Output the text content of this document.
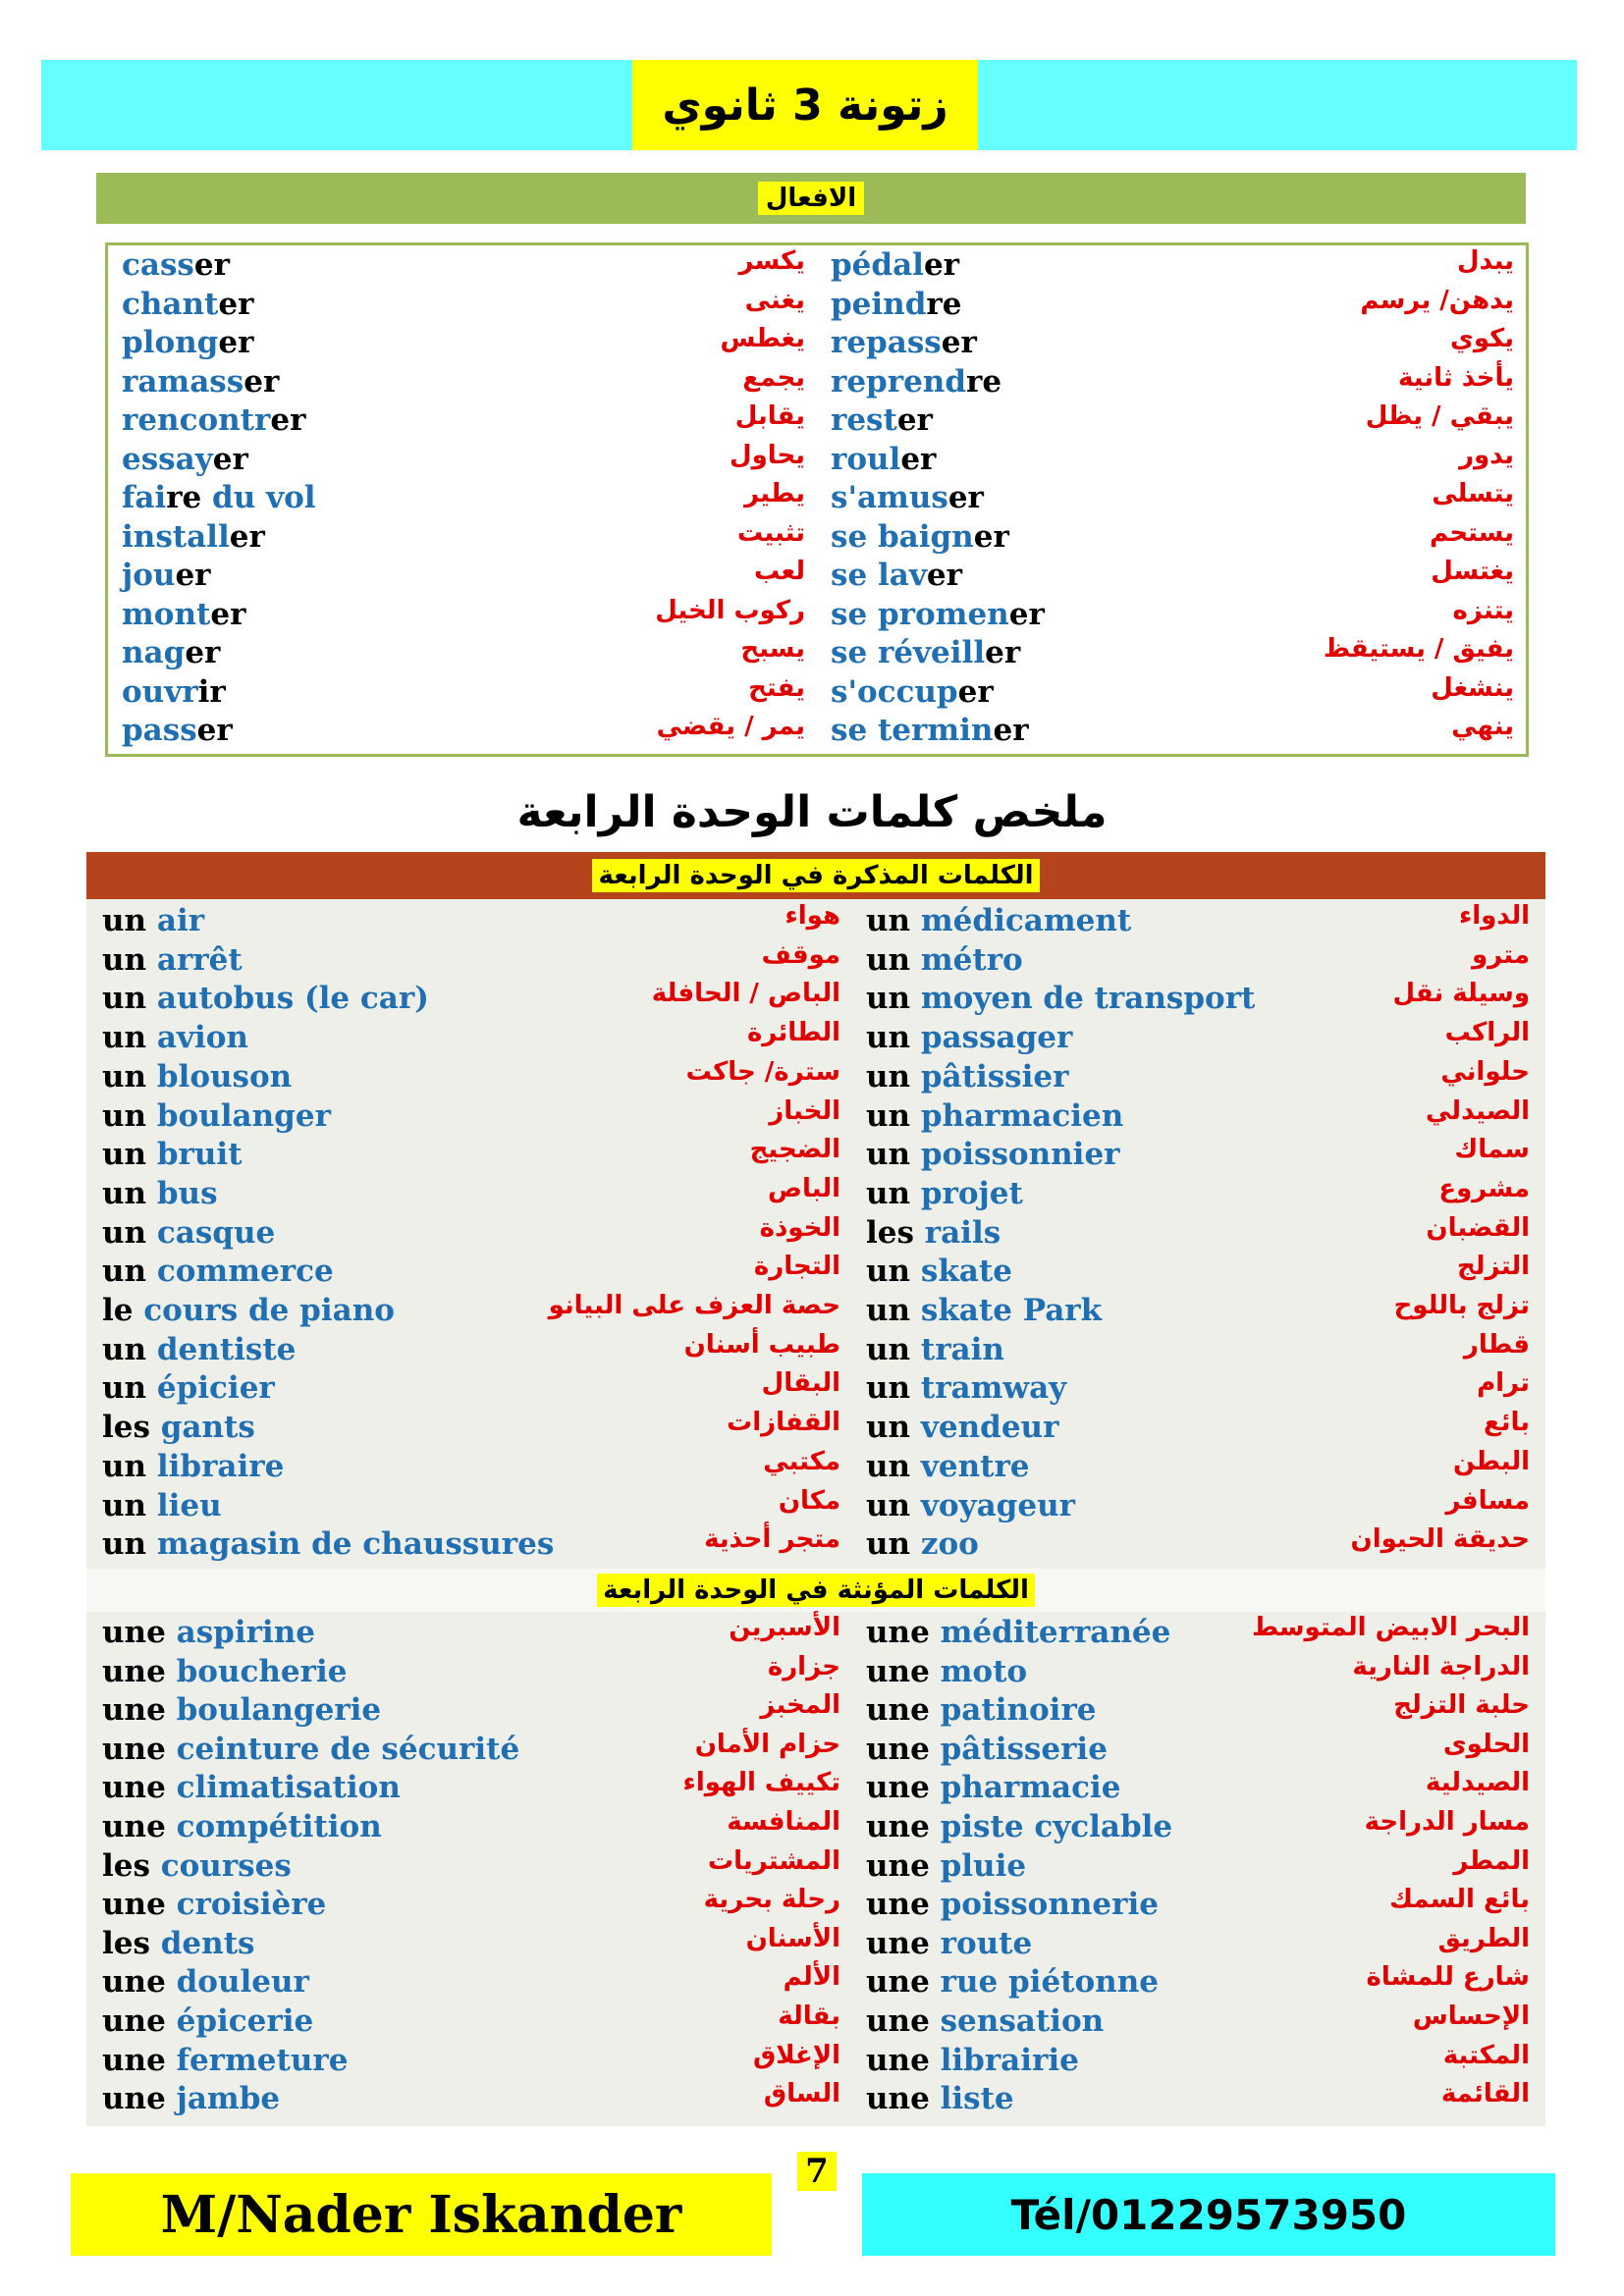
زتونة 3 ثانوي
الافعال
casser	يكسر
chanter	يغنى
plonger	يغطس
ramasser	يجمع
rencontrer	يقابل
essayer	يحاول
faire du vol	يطير
installer	تثبيت
jouer	لعب
monter	ركوب الخيل
nager	يسبح
ouvrir	يفتح
passer	يمر / يقضي
pédaler	يبدل
peindre	يدهن/ يرسم
repasser	يكوي
reprendre	يأخذ ثانية
rester	يبقي / يظل
rouler	يدور
s'amuser	يتسلى
se baigner	يستحم
se laver	يغتسل
se promener	يتنزه
se réveiller	يفيق / يستيقظ
s'occuper	ينشغل
se terminer	ينهي
ملخص كلمات الوحدة الرابعة
الكلمات المذكرة في الوحدة الرابعة
الكلمات المؤنثة في الوحدة الرابعة
un air	هواء
un arrêt	موقف
un autobus (le car)	الباص / الحافلة
un avion	الطائرة
un blouson	سترة/ جاكت
un boulanger	الخباز
un bruit	الضجيج
un bus	الباص
un casque	الخوذة
un commerce	التجارة
le cours de piano	حصة العزف على البيانو
un dentiste	طبيب أسنان
un épicier	البقال
les gants	القفازات
un libraire	مكتبي
un lieu	مكان
un magasin de chaussures	متجر أحذية
un médicament	الدواء
un métro	مترو
un moyen de transport	وسيلة نقل
un passager	الراكب
un pâtissier	حلواني
un pharmacien	الصيدلي
un poissonnier	سماك
un projet	مشروع
les rails	القضبان
un skate	التزلج
un skate Park	تزلج باللوح
un train	قطار
un tramway	ترام
un vendeur	بائع
un ventre	البطن
un voyageur	مسافر
un zoo	حديقة الحيوان
une aspirine	الأسبرين
une boucherie	جزارة
une boulangerie	المخبز
une ceinture de sécurité	حزام الأمان
une climatisation	تكييف الهواء
une compétition	المنافسة
les courses	المشتريات
une croisière	رحلة بحرية
les dents	الأسنان
une douleur	الألم
une épicerie	بقالة
une fermeture	الإغلاق
une jambe	الساق
une méditerranée	البحر الابيض المتوسط
une moto	الدراجة النارية
une patinoire	حلبة التزلج
une pâtisserie	الحلوى
une pharmacie	الصيدلية
une piste cyclable	مسار الدراجة
une pluie	المطر
une poissonnerie	بائع السمك
une route	الطريق
une rue piétonne	شارع للمشاة
une sensation	الإحساس
une librairie	المكتبة
une liste	القائمة
7
M/Nader Iskander	Tél/01229573950
